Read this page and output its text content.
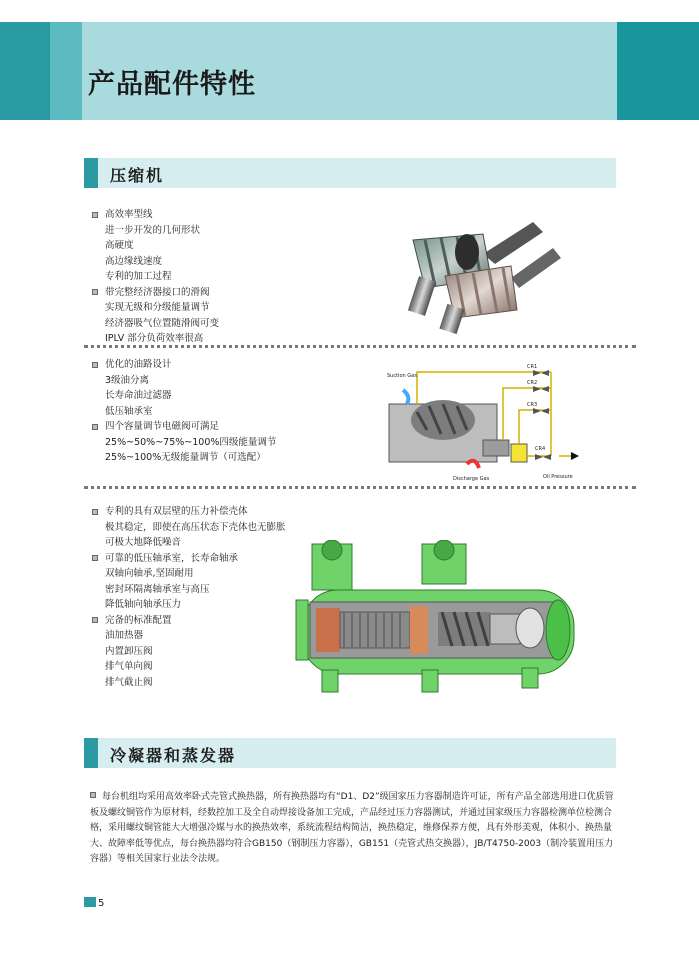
产品配件特性
压缩机
高效率型线
进一步开发的几何形状
高硬度
高边缘线速度
专利的加工过程
带完整经济器接口的滑阀
实现无级和分级能量调节
经济器吸气位置随滑阀可变
IPLV 部分负荷效率很高
优化的油路设计
3级油分离
长寿命油过滤器
低压轴承室
四个容量调节电磁阀可满足
25%~50%~75%~100%四级能量调节
25%~100%无级能量调节（可选配）
Suction Gas
Discharge Gas	Oil Pressure
CR1
CR2
CR3
CR4
专利的具有双层壁的压力补偿壳体
极其稳定，即使在高压状态下壳体也无膨胀
可极大地降低噪音
可靠的低压轴承室，长寿命轴承
双轴向轴承,坚固耐用
密封环隔离轴承室与高压
降低轴向轴承压力
完备的标准配置
油加热器
内置卸压阀
排气单向阀
排气截止阀
冷凝器和蒸发器
每台机组均采用高效率卧式壳管式换热器，所有换热器均有“D1、D2”级国家压力容器制造许可证，所有产品全部选用进口优质管板及螺纹铜管作为原材料，经数控加工及全自动焊接设备加工完成，产品经过压力容器测试，并通过国家级压力容器检测单位检测合格，采用螺纹铜管能大大增强冷媒与水的换热效率，系统流程结构简洁，换热稳定，维修保养方便，具有外形美观，体积小、换热量大、故障率低等优点，每台换热器均符合GB150（钢制压力容器），GB151（壳管式热交换器），JB/T4750-2003（制冷装置用压力容器）等相关国家行业法令法规。
5
